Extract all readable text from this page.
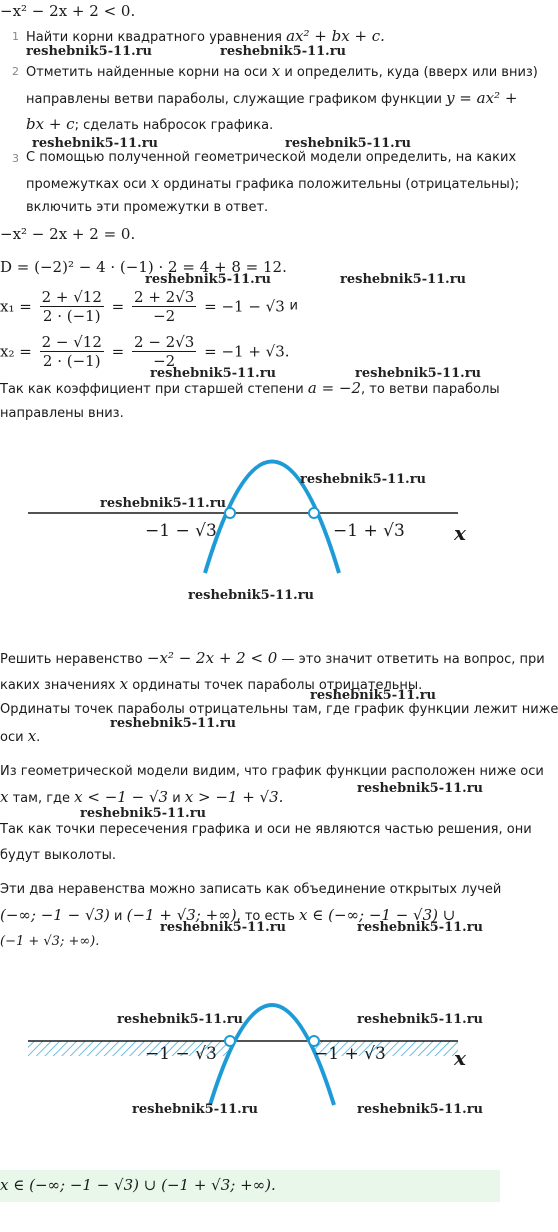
−x² − 2x + 2 < 0.
1 Найти корни квадратного уравнения ax² + bx + c.
reshebnik5-11.ru	reshebnik5-11.ru
2 Отметить найденные корни на оси x и определить, куда (вверх или вниз)
направлены ветви параболы, служащие графиком функции y = ax² +
bx + c; сделать набросок графика.
reshebnik5-11.ru	reshebnik5-11.ru
3 С помощью полученной геометрической модели определить, на каких
промежутках оси x ординаты графика положительны (отрицательны);
включить эти промежутки в ответ.
−x² − 2x + 2 = 0.
D = (−2)² − 4 · (−1) · 2 = 4 + 8 = 12.
reshebnik5-11.ru	reshebnik5-11.ru
$x_1 = \frac{2 + √12}{2 \cdot (-1)} = \frac{2 + 2√3}{-2} = -1 - √3$ и
$x_2 = \frac{2 - √12}{2 \cdot (-1)} = \frac{2 - 2√3}{-2} = -1 + √3$.
reshebnik5-11.ru	reshebnik5-11.ru
Так как коэффициент при старшей степени a = −2, то ветви параболы
направлены вниз.
−1 − √3	−1 + √3 x
reshebnik5-11.ru
reshebnik5-11.ru
reshebnik5-11.ru
Решить неравенство −x² − 2x + 2 < 0 — это значит ответить на вопрос, при
каких значениях x ординаты точек параболы отрицательны.
reshebnik5-11.ru
Ординаты точек параболы отрицательны там, где график функции лежит ниже
reshebnik5-11.ru
оси x.
Из геометрической модели видим, что график функции расположен ниже оси
x там, где x < −1 − √3 и x > −1 + √3.	reshebnik5-11.ru
reshebnik5-11.ru
Так как точки пересечения графика и оси не являются частью решения, они
будут выколоты.
Эти два неравенства можно записать как объединение открытых лучей
(−∞; −1 − √3) и (−1 + √3; +∞), то есть x ∈ (−∞; −1 − √3) ∪
reshebnik5-11.ru	reshebnik5-11.ru
(−1 + √3; +∞).
−1 − √3	−1 + √3	x
reshebnik5-11.ru	reshebnik5-11.ru
reshebnik5-11.ru	reshebnik5-11.ru
x ∈ (−∞; −1 − √3) ∪ (−1 + √3; +∞).
